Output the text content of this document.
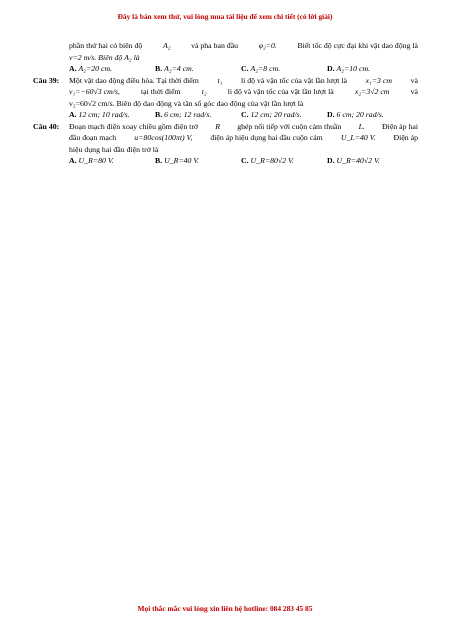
Đây là bản xem thử, vui lòng mua tài liệu để xem chi tiết (có lời giải)
phần thứ hai có biên độ	A₂	và pha ban đầu	φ₂=0.	Biết tốc độ cực đại khi vật dao động là
v=2 m/s. Biên độ A₂ là
A. A₂=20 cm.	B. A₂=4 cm.	C. A₂=8 cm.	D. A₂=10 cm.
Câu 39: Một vật dao động điều hòa. Tại thời điểm t₁ li độ và vận tốc của vật lần lượt là x₁=3 cm và
v₁=−60√3 cm/s,	tại thời điểm	t₂	li độ và vận tốc của vật lần lượt là	x₂=3√2 cm	và
v₂=60√2 cm/s. Biên độ dao động và tần số góc dao động của vật lần lượt là
A. 12 cm; 10 rad/s.	B. 6 cm; 12 rad/s.	C. 12 cm; 20 rad/s.	D. 6 cm; 20 rad/s.
Câu 40: Đoạn mạch điện xoay chiều gồm điện trở R ghép nối tiếp với cuộn cảm thuần L. Điện áp hai
đầu đoạn mạch u=80cos(100πt) V, điện áp hiệu dụng hai đầu cuộn cảm U_L=40 V. Điện áp
hiệu dụng hai đầu điện trở là
A. U_R=80 V.	B. U_R=40 V.	C. U_R=80√2 V.	D. U_R=40√2 V.
Mọi thắc mắc vui lòng xin liên hệ hotline: 084 283 45 85
